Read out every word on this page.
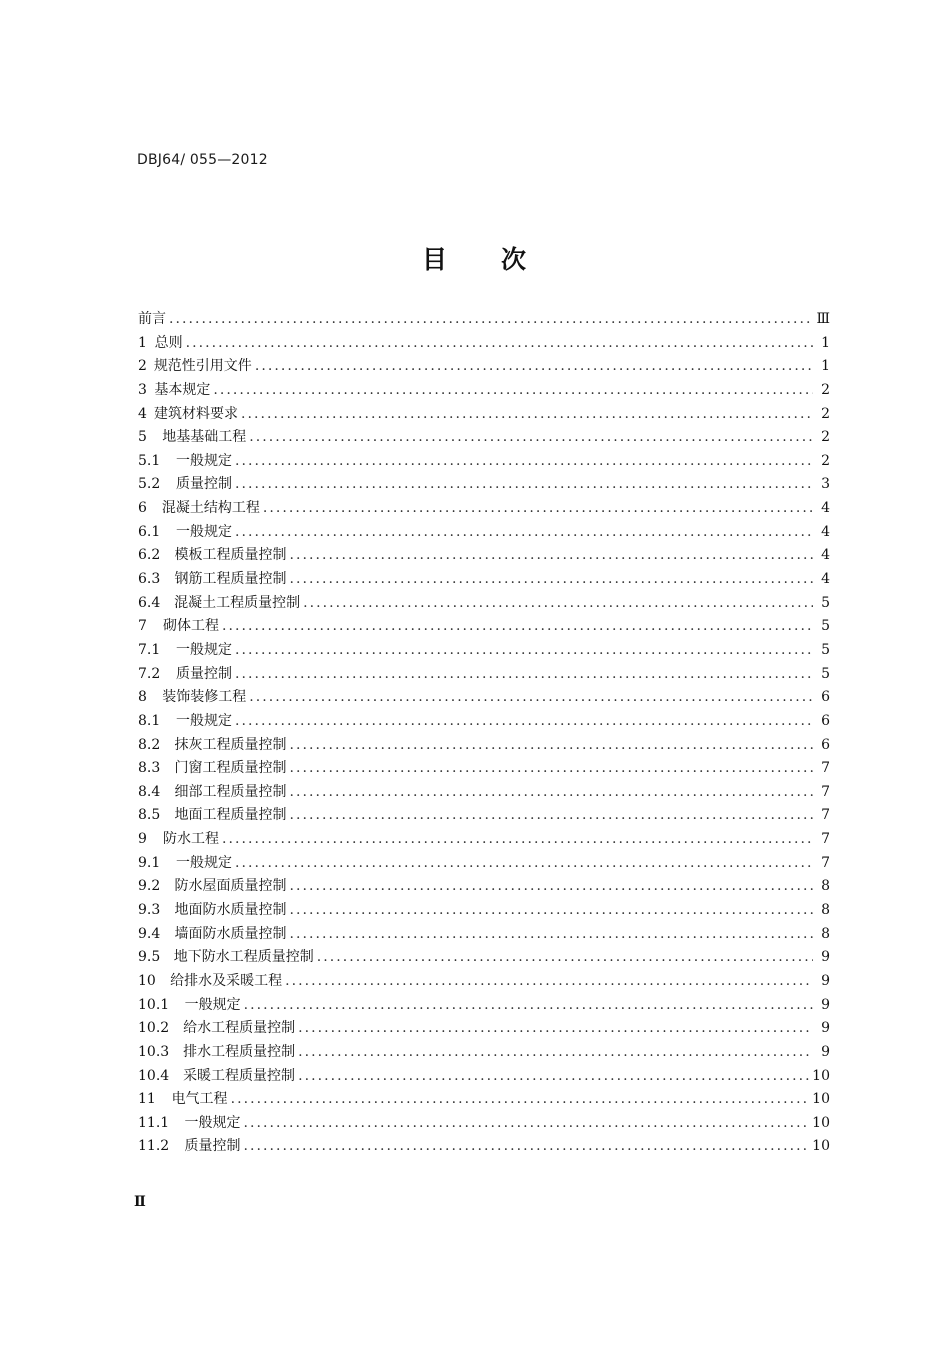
DBJ64/ 055—2012
目 次
前言 . . .	Ⅲ
1 总则 . . .	1
2 规范性引用文件 . . .	1
3 基本规定 . . .	2
4 建筑材料要求 . . .	2
5 地基基础工程 . . .	2
5.1 一般规定 . . .	2
5.2 质量控制 . . .	3
6 混凝土结构工程 . . .	4
6.1 一般规定 . . .	4
6.2 模板工程质量控制 . . .	4
6.3 钢筋工程质量控制 . . .	4
6.4 混凝土工程质量控制 . . .	5
7 砌体工程 . . .	5
7.1 一般规定 . . .	5
7.2 质量控制 . . .	5
8 装饰装修工程 . . .	6
8.1 一般规定 . . .	6
8.2 抹灰工程质量控制 . . .	6
8.3 门窗工程质量控制 . . .	7
8.4 细部工程质量控制 . . .	7
8.5 地面工程质量控制 . . .	7
9 防水工程 . . .	7
9.1 一般规定 . . .	7
9.2 防水屋面质量控制 . . .	8
9.3 地面防水质量控制 . . .	8
9.4 墙面防水质量控制 . . .	8
9.5 地下防水工程质量控制 . . .	9
10 给排水及采暖工程 . . .	9
10.1 一般规定 . . .	9
10.2 给水工程质量控制 . . .	9
10.3 排水工程质量控制 . . .	9
10.4 采暖工程质量控制 . . .	10
11 电气工程 . . .	10
11.1 一般规定 . . .	10
11.2 质量控制 . . .	10
Ⅱ
